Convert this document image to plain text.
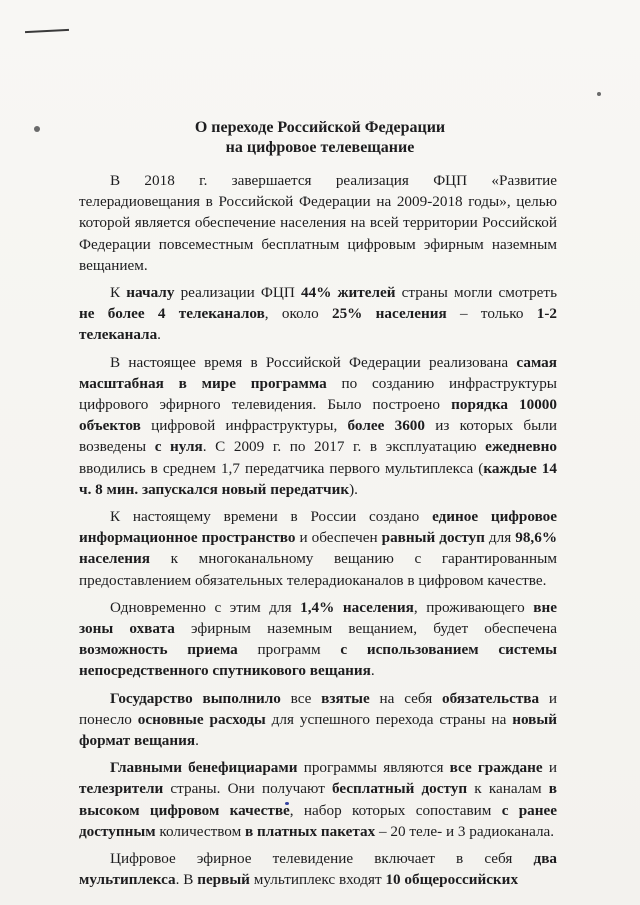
О переходе Российской Федерации
на цифровое телевещание

В 2018 г. завершается реализация ФЦП «Развитие телерадиовещания в Российской Федерации на 2009-2018 годы», целью которой является обеспечение населения на всей территории Российской Федерации повсеместным бесплатным цифровым эфирным наземным вещанием.

К началу реализации ФЦП 44% жителей страны могли смотреть не более 4 телеканалов, около 25% населения – только 1-2 телеканала.

В настоящее время в Российской Федерации реализована самая масштабная в мире программа по созданию инфраструктуры цифрового эфирного телевидения. Было построено порядка 10000 объектов цифровой инфраструктуры, более 3600 из которых были возведены с нуля. С 2009 г. по 2017 г. в эксплуатацию ежедневно вводились в среднем 1,7 передатчика первого мультиплекса (каждые 14 ч. 8 мин. запускался новый передатчик).

К настоящему времени в России создано единое цифровое информационное пространство и обеспечен равный доступ для 98,6% населения к многоканальному вещанию с гарантированным предоставлением обязательных телерадиоканалов в цифровом качестве.

Одновременно с этим для 1,4% населения, проживающего вне зоны охвата эфирным наземным вещанием, будет обеспечена возможность приема программ с использованием системы непосредственного спутникового вещания.

Государство выполнило все взятые на себя обязательства и понесло основные расходы для успешного перехода страны на новый формат вещания.

Главными бенефициарами программы являются все граждане и телезрители страны. Они получают бесплатный доступ к каналам в высоком цифровом качестве, набор которых сопоставим с ранее доступным количеством в платных пакетах – 20 теле- и 3 радиоканала.

Цифровое эфирное телевидение включает в себя два мультиплекса. В первый мультиплекс входят 10 общероссийских
